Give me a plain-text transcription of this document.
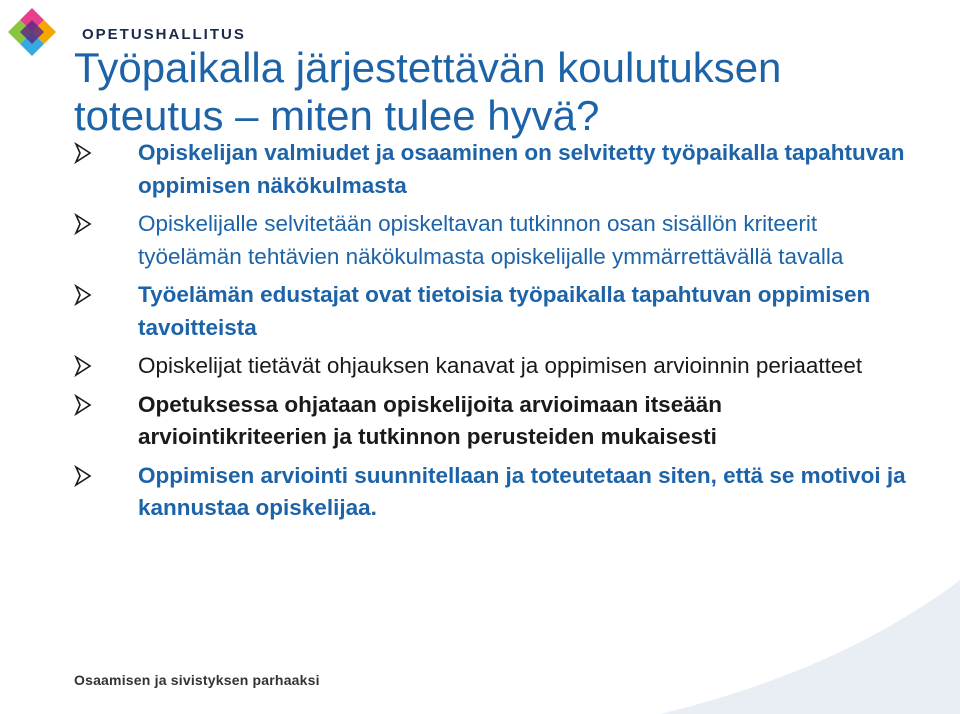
OPETUSHALLITUS
Työpaikalla järjestettävän koulutuksen
toteutus – miten tulee hyvä?
Opiskelijan valmiudet ja osaaminen on selvitetty työpaikalla tapahtuvan oppimisen näkökulmasta
Opiskelijalle selvitetään opiskeltavan tutkinnon osan sisällön kriteerit työelämän tehtävien näkökulmasta opiskelijalle ymmärrettävällä tavalla
Työelämän edustajat ovat tietoisia työpaikalla tapahtuvan oppimisen tavoitteista
Opiskelijat tietävät ohjauksen kanavat ja oppimisen arvioinnin periaatteet
Opetuksessa ohjataan opiskelijoita arvioimaan itseään arviointikriteerien ja tutkinnon perusteiden mukaisesti
Oppimisen arviointi suunnitellaan ja toteutetaan siten, että se motivoi ja kannustaa opiskelijaa.
Osaamisen ja sivistyksen parhaaksi
